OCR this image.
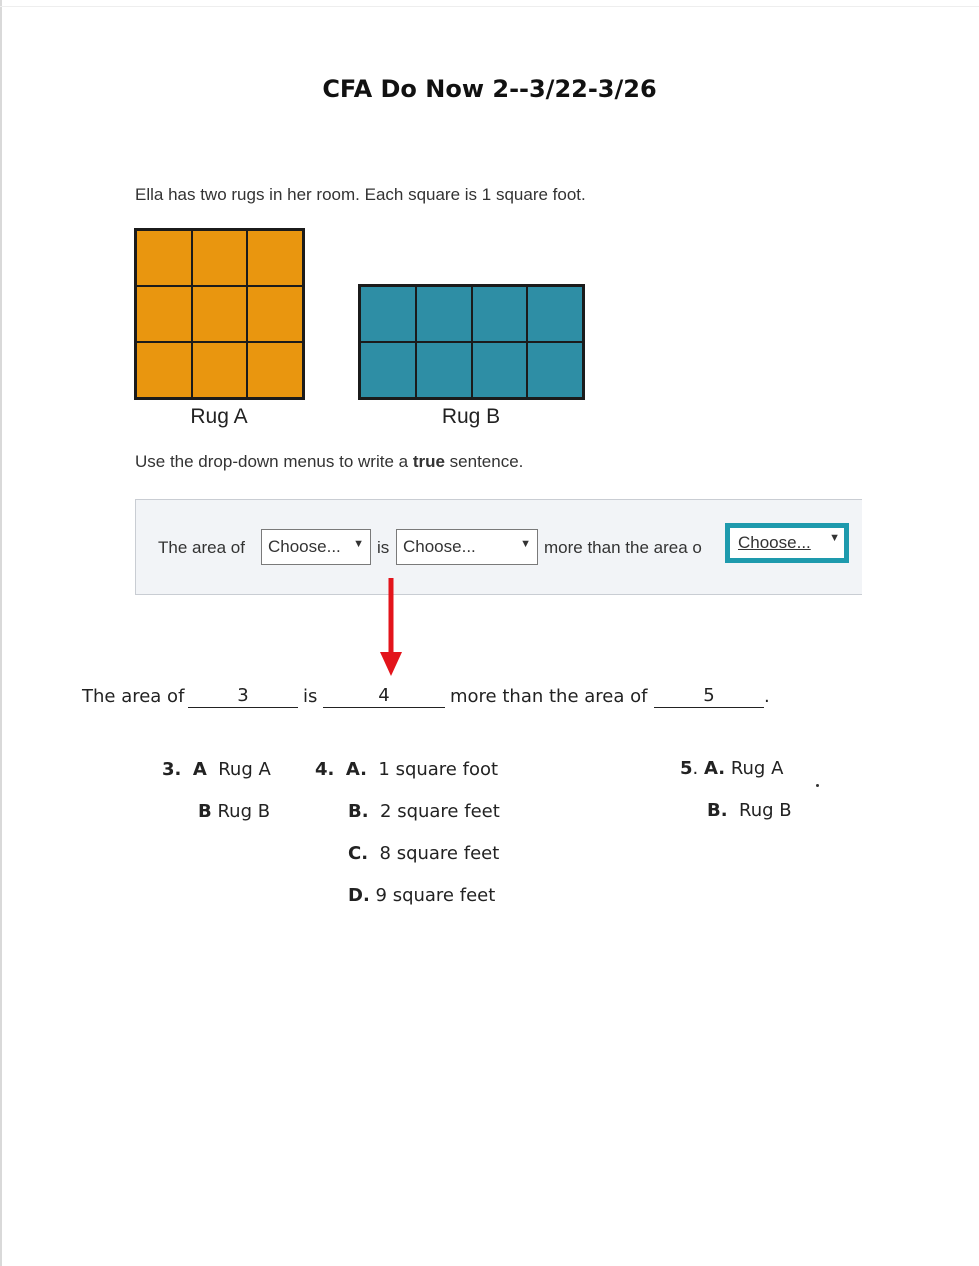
CFA Do Now 2--3/22-3/26
Ella has two rugs in her room. Each square is 1 square foot.
Rug A	Rug B
Use the drop-down menus to write a true sentence.
The area of	Choose... ▼ is Choose...	▼ more than the area o	Choose... ▼
The area of	3	is	4	more than the area of	5	.
3. A Rug A
B Rug B
4. A. 1 square foot
B. 2 square feet
C. 8 square feet
D. 9 square feet
5. A. Rug A
B. Rug B
